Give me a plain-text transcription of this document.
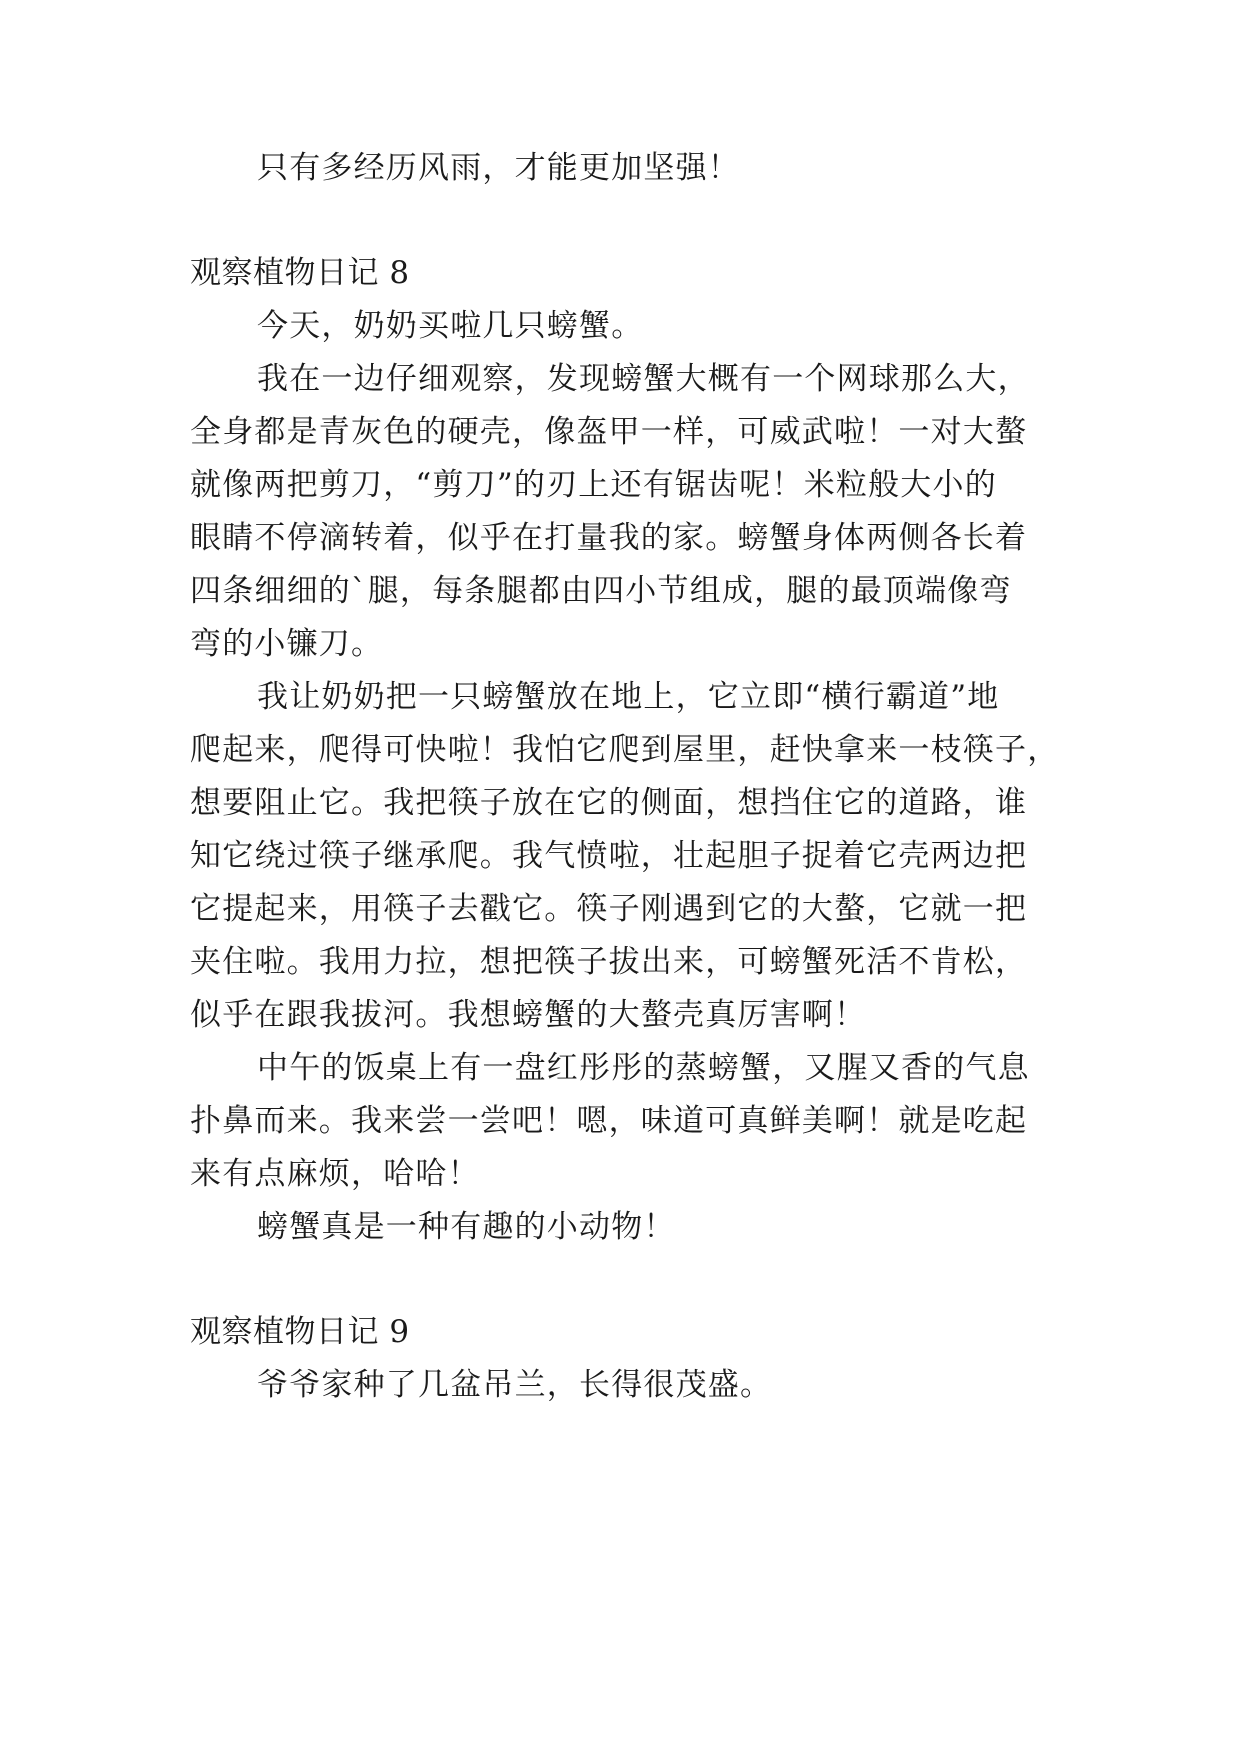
只有多经历风雨，才能更加坚强！
观察植物日记 8
今天，奶奶买啦几只螃蟹。
我在一边仔细观察，发现螃蟹大概有一个网球那么大，
全身都是青灰色的硬壳，像盔甲一样，可威武啦！一对大螯
就像两把剪刀，“剪刀”的刃上还有锯齿呢！米粒般大小的
眼睛不停滴转着，似乎在打量我的家。螃蟹身体两侧各长着
四条细细的`腿，每条腿都由四小节组成，腿的最顶端像弯
弯的小镰刀。
我让奶奶把一只螃蟹放在地上，它立即“横行霸道”地
爬起来，爬得可快啦！我怕它爬到屋里，赶快拿来一枝筷子，
想要阻止它。我把筷子放在它的侧面，想挡住它的道路，谁
知它绕过筷子继承爬。我气愤啦，壮起胆子捉着它壳两边把
它提起来，用筷子去戳它。筷子刚遇到它的大螯，它就一把
夹住啦。我用力拉，想把筷子拔出来，可螃蟹死活不肯松，
似乎在跟我拔河。我想螃蟹的大螯壳真厉害啊！
中午的饭桌上有一盘红彤彤的蒸螃蟹，又腥又香的气息
扑鼻而来。我来尝一尝吧！嗯，味道可真鲜美啊！就是吃起
来有点麻烦，哈哈！
螃蟹真是一种有趣的小动物！
观察植物日记 9
爷爷家种了几盆吊兰，长得很茂盛。
